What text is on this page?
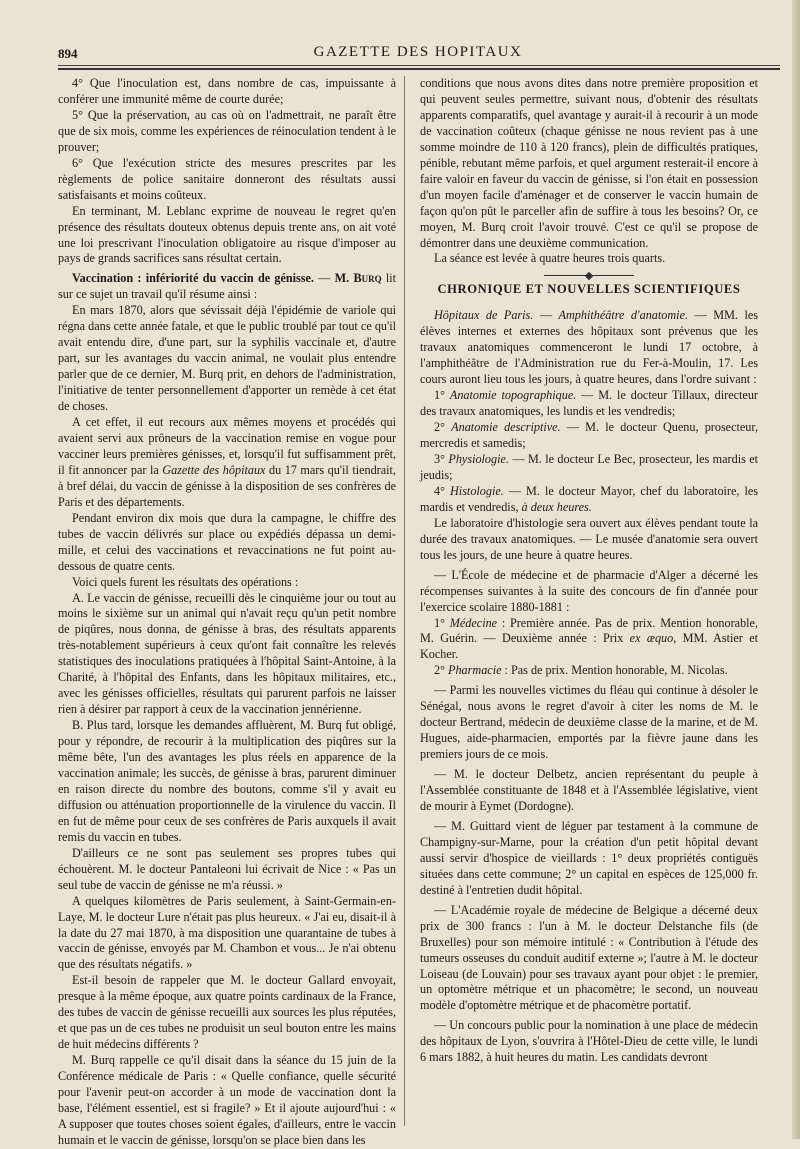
894	GAZETTE DES HOPITAUX

4° Que l'inoculation est, dans nombre de cas, impuissante à conférer une immunité même de courte durée;

5° Que la préservation, au cas où on l'admettrait, ne paraît être que de six mois, comme les expériences de réinoculation tendent à le prouver;

6° Que l'exécution stricte des mesures prescrites par les règlements de police sanitaire donneront des résultats aussi satisfaisants et moins coûteux.

En terminant, M. Leblanc exprime de nouveau le regret qu'en présence des résultats douteux obtenus depuis trente ans, on ait voté une loi prescrivant l'inoculation obligatoire au risque d'imposer au pays de grands sacrifices sans résultat certain.

Vaccination : infériorité du vaccin de génisse. — M. Burq lit sur ce sujet un travail qu'il résume ainsi :

En mars 1870, alors que sévissait déjà l'épidémie de variole qui régna dans cette année fatale, et que le public troublé par tout ce qu'il avait entendu dire, d'une part, sur la syphilis vaccinale et, d'autre part, sur les avantages du vaccin animal, ne voulait plus entendre parler que de ce dernier, M. Burq prit, en dehors de l'administration, l'initiative de tenter personnellement d'apporter un remède à cet état de choses.

A cet effet, il eut recours aux mêmes moyens et procédés qui avaient servi aux prôneurs de la vaccination remise en vogue pour vacciner leurs premières génisses, et, lorsqu'il fut suffisamment prêt, il fit annoncer par la Gazette des hôpitaux du 17 mars qu'il tiendrait, à bref délai, du vaccin de génisse à la disposition de ses confrères de Paris et des départements.

Pendant environ dix mois que dura la campagne, le chiffre des tubes de vaccin délivrés sur place ou expédiés dépassa un demi-mille, et celui des vaccinations et revaccinations ne fut point au-dessous de quatre cents.

Voici quels furent les résultats des opérations :

A. Le vaccin de génisse, recueilli dès le cinquième jour ou tout au moins le sixième sur un animal qui n'avait reçu qu'un petit nombre de piqûres, nous donna, de génisse à bras, des résultats apparents très-notablement supérieurs à ceux qu'ont fait connaître les relevés statistiques des inoculations pratiquées à l'hôpital Saint-Antoine, à la Charité, à l'hôpital des Enfants, dans les hôpitaux militaires, etc., avec les génisses officielles, résultats qui parurent parfois ne laisser rien à désirer par rapport à ceux de la vaccination jennérienne.

B. Plus tard, lorsque les demandes affluèrent, M. Burq fut obligé, pour y répondre, de recourir à la multiplication des piqûres sur la même bête, l'un des avantages les plus réels en apparence de la vaccination animale; les succès, de génisse à bras, parurent diminuer en raison directe du nombre des boutons, comme s'il y avait eu diffusion ou atténuation proportionnelle de la virulence du vaccin. Il en fut de même pour ceux de ses confrères de Paris auxquels il avait remis du vaccin en tubes.

D'ailleurs ce ne sont pas seulement ses propres tubes qui échouèrent. M. le docteur Pantaleoni lui écrivait de Nice : « Pas un seul tube de vaccin de génisse ne m'a réussi. »

A quelques kilomètres de Paris seulement, à Saint-Germain-en-Laye, M. le docteur Lure n'était pas plus heureux. « J'ai eu, disait-il à la date du 27 mai 1870, à ma disposition une quarantaine de tubes à vaccin de génisse, envoyés par M. Chambon et vous... Je n'ai obtenu que des résultats négatifs. »

Est-il besoin de rappeler que M. le docteur Gallard envoyait, presque à la même époque, aux quatre points cardinaux de la France, des tubes de vaccin de génisse recueilli aux sources les plus réputées, et que pas un de ces tubes ne produisit un seul bouton entre les mains de huit médecins différents ?

M. Burq rappelle ce qu'il disait dans la séance du 15 juin de la Conférence médicale de Paris : « Quelle confiance, quelle sécurité pour l'avenir peut-on accorder à un mode de vaccination dont la base, l'élément essentiel, est si fragile? » Et il ajoute aujourd'hui : « A supposer que toutes choses soient égales, d'ailleurs, entre le vaccin humain et le vaccin de génisse, lorsqu'on se place bien dans les

conditions que nous avons dites dans notre première proposition et qui peuvent seules permettre, suivant nous, d'obtenir des résultats apparents comparatifs, quel avantage y aurait-il à recourir à un mode de vaccination coûteux (chaque génisse ne nous revient pas à une somme moindre de 110 à 120 francs), plein de difficultés pratiques, pénible, rebutant même parfois, et quel argument resterait-il encore à faire valoir en faveur du vaccin de génisse, si l'on était en possession d'un moyen facile d'aménager et de conserver le vaccin humain de façon qu'on pût le parceller afin de suffire à tous les besoins? Or, ce moyen, M. Burq croit l'avoir trouvé. C'est ce qu'il se propose de démontrer dans une deuxième communication.

La séance est levée à quatre heures trois quarts.

CHRONIQUE ET NOUVELLES SCIENTIFIQUES

Hôpitaux de Paris. — Amphithéâtre d'anatomie. — MM. les élèves internes et externes des hôpitaux sont prévenus que les travaux anatomiques commenceront le lundi 17 octobre, à l'amphithéâtre de l'Administration rue du Fer-à-Moulin, 17. Les cours auront lieu tous les jours, à quatre heures, dans l'ordre suivant :

1° Anatomie topographique. — M. le docteur Tillaux, directeur des travaux anatomiques, les lundis et les vendredis;

2° Anatomie descriptive. — M. le docteur Quenu, prosecteur, mercredis et samedis;

3° Physiologie. — M. le docteur Le Bec, prosecteur, les mardis et jeudis;

4° Histologie. — M. le docteur Mayor, chef du laboratoire, les mardis et vendredis, à deux heures.

Le laboratoire d'histologie sera ouvert aux élèves pendant toute la durée des travaux anatomiques. — Le musée d'anatomie sera ouvert tous les jours, de une heure à quatre heures.

— L'École de médecine et de pharmacie d'Alger a décerné les récompenses suivantes à la suite des concours de fin d'année pour l'exercice scolaire 1880-1881 :

1° Médecine : Première année. Pas de prix. Mention honorable, M. Guérin. — Deuxième année : Prix ex æquo, MM. Astier et Kocher.

2° Pharmacie : Pas de prix. Mention honorable, M. Nicolas.

— Parmi les nouvelles victimes du fléau qui continue à désoler le Sénégal, nous avons le regret d'avoir à citer les noms de M. le docteur Bertrand, médecin de deuxième classe de la marine, et de M. Hugues, aide-pharmacien, emportés par la fièvre jaune dans les premiers jours de ce mois.

— M. le docteur Delbetz, ancien représentant du peuple à l'Assemblée constituante de 1848 et à l'Assemblée législative, vient de mourir à Eymet (Dordogne).

— M. Guittard vient de léguer par testament à la commune de Champigny-sur-Marne, pour la création d'un petit hôpital devant aussi servir d'hospice de vieillards : 1° deux propriétés contiguës situées dans cette commune; 2° un capital en espèces de 125,000 fr. destiné à l'entretien dudit hôpital.

— L'Académie royale de médecine de Belgique a décerné deux prix de 300 francs : l'un à M. le docteur Delstanche fils (de Bruxelles) pour son mémoire intitulé : « Contribution à l'étude des tumeurs osseuses du conduit auditif externe »; l'autre à M. le docteur Loiseau (de Louvain) pour ses travaux ayant pour objet : le premier, un optomètre métrique et un phacomètre; le second, un nouveau modèle d'optomètre métrique et de phacomètre portatif.

— Un concours public pour la nomination à une place de médecin des hôpitaux de Lyon, s'ouvrira à l'Hôtel-Dieu de cette ville, le lundi 6 mars 1882, à huit heures du matin. Les candidats devront
